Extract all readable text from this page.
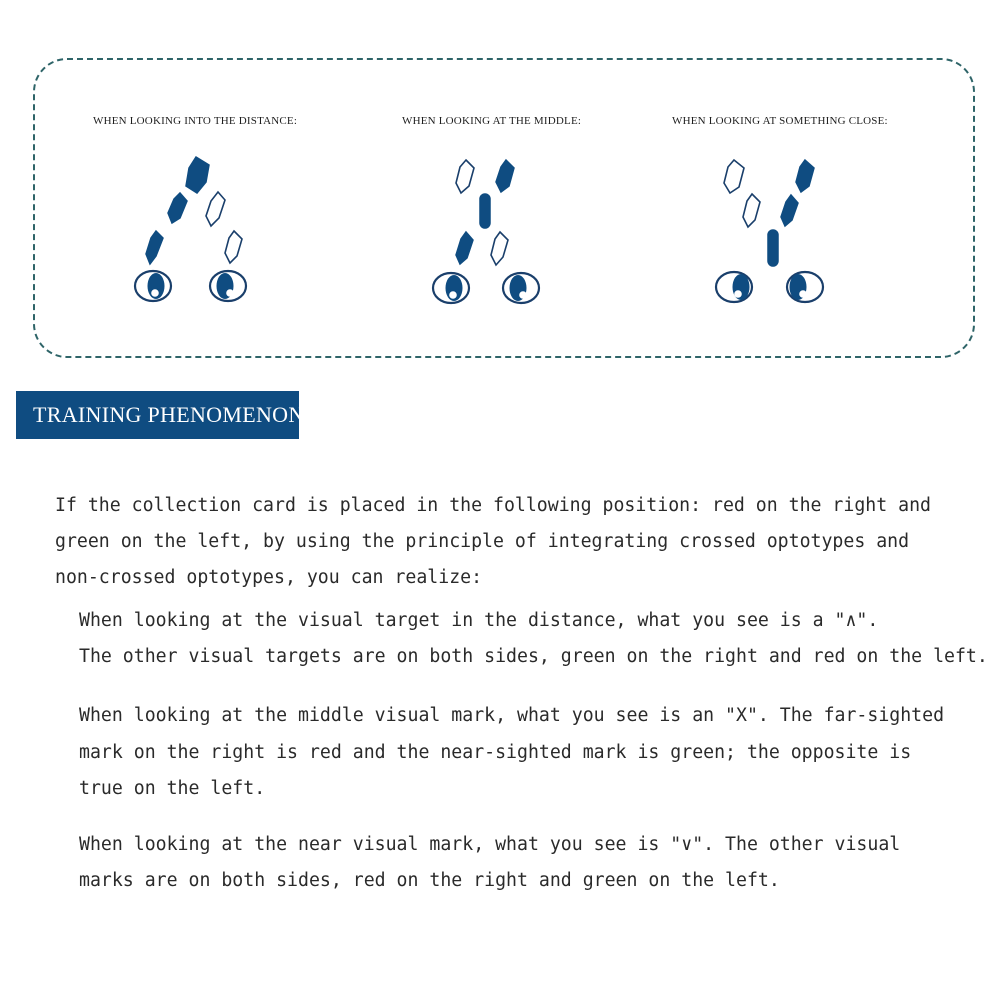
WHEN LOOKING INTO THE DISTANCE:	WHEN LOOKING AT THE MIDDLE:	WHEN LOOKING AT SOMETHING CLOSE:
TRAINING PHENOMENON

If the collection card is placed in the following position: red on the right and

green on the left, by using the principle of integrating crossed optotypes and

non-crossed optotypes, you can realize:

When looking at the visual target in the distance, what you see is a "∧".

The other visual targets are on both sides, green on the right and red on the left.

When looking at the middle visual mark, what you see is an "X". The far-sighted

mark on the right is red and the near-sighted mark is green; the opposite is

true on the left.

When looking at the near visual mark, what you see is "∨". The other visual

marks are on both sides, red on the right and green on the left.
